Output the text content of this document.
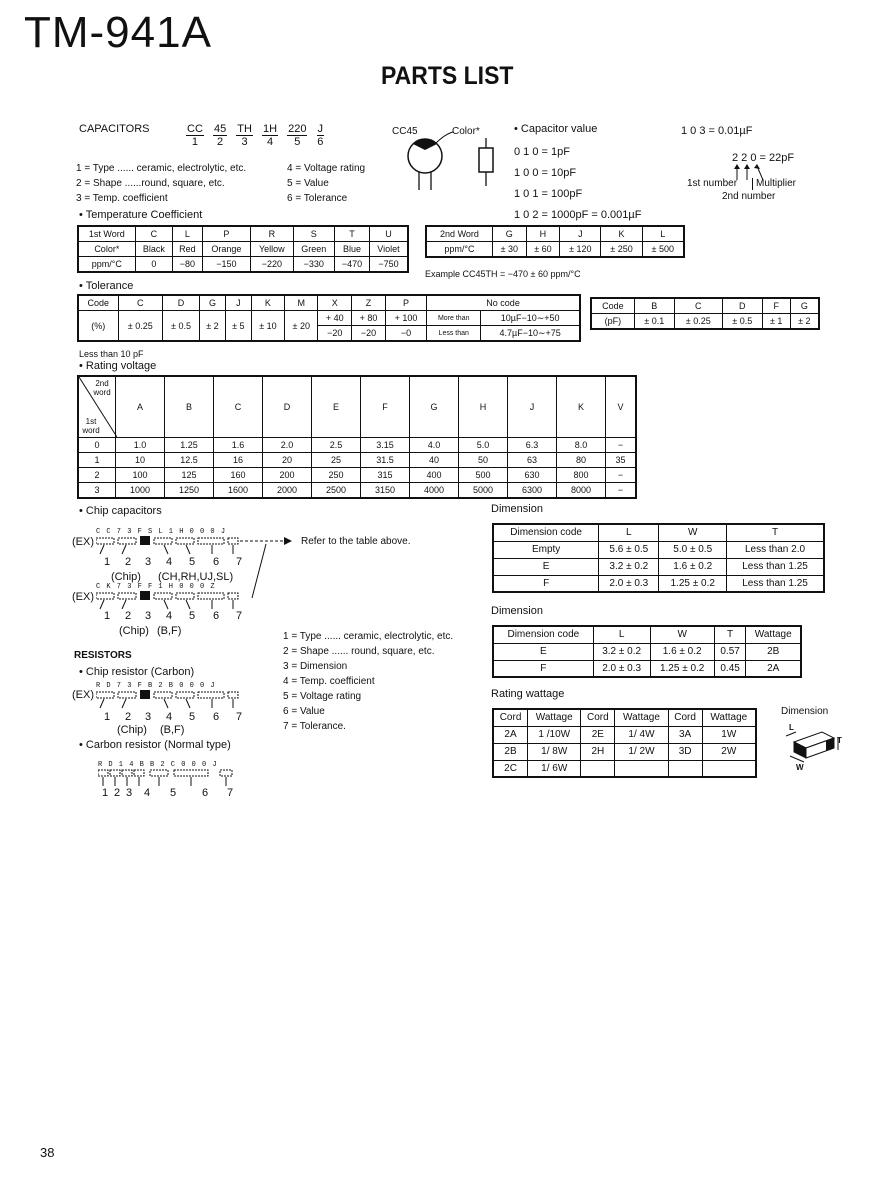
TM-941A
PARTS LIST
CAPACITORS	$\frac{CC}{1} \frac{45}{2} \frac{TH}{3} \frac{1H}{4} \frac{220}{5} \frac{J}{6}$	CC45	Color*	• Capacitor value
0 1 0 = 1pF
1 0 0 = 10pF
1 0 1 = 100pF
1 0 2 = 1000pF = 0.001µF
1 0 3 = 0.01µF
2 2 0 = 22pF
1st number Multiplier
2nd number
1 = Type ...... ceramic, electrolytic, etc.
2 = Shape ......round, square, etc.
3 = Temp. coefficient
4 = Voltage rating
5 = Value
6 = Tolerance
• Temperature Coefficient
1st Word	C	L	P	R	S	T	U
Color*	Black	Red	Orange	Yellow	Green	Blue	Violet
ppm/°C	0	−80	−150	−220	−330	−470	−750
2nd Word	G	H	J	K	L
ppm/°C	± 30	± 60	± 120	± 250	± 500
Example CC45TH = −470 ± 60 ppm/°C
• Tolerance
Code	C	D	G	J	K	M	X	Z	P	No code	
(%)	± 0.25	± 0.5	± 2	± 5	± 10	± 20	+ 40	+ 80	+ 100	More than	10µF−10∼+50
							−20	−20	−0	Less than	4.7µF−10∼+75
Code	B	C	D	F	G
(pF)	± 0.1	± 0.25	± 0.5	± 1	± 2
Less than 10 pF
• Rating voltage
2nd word
1st word	A	B	C	D	E	F	G	H	J	K	V
0	1.0	1.25	1.6	2.0	2.5	3.15	4.0	5.0	6.3	8.0	−
1	10	12.5	16	20	25	31.5	40	50	63	80	35
2	100	125	160	200	250	315	400	500	630	800	−
3	1000	1250	1600	2000	2500	3150	4000	5000	6300	8000	−
• Chip capacitors
(EX)
C C 7 3 F S L 1 H 0 0 0 J
Refer to the table above.
1 2 3 4 5 6 7
(Chip) (CH,RH,UJ,SL)
(EX)
C K 7 3 F F 1 H 0 0 0 Z
1 2 3 4 5 6 7
(Chip) (B,F)	1 = Type ...... ceramic, electrolytic, etc.
2 = Shape ...... round, square, etc.
3 = Dimension
4 = Temp. coefficient
5 = Voltage rating
6 = Value
7 = Tolerance.
RESISTORS
• Chip resistor (Carbon)
(EX)
R D 7 3 F B 2 B 0 0 0 J
1 2 3 4 5 6 7
(Chip) (B,F)
• Carbon resistor (Normal type)
R D 1 4 B B 2 C 0 0 0 J
1 2 3 4 5 6 7
Dimension
Dimension code	L	W	T
Empty	5.6 ± 0.5	5.0 ± 0.5	Less than 2.0
E	3.2 ± 0.2	1.6 ± 0.2	Less than 1.25
F	2.0 ± 0.3	1.25 ± 0.2	Less than 1.25
Dimension
Dimension code	L	W	T	Wattage
E	3.2 ± 0.2	1.6 ± 0.2	0.57	2B
F	2.0 ± 0.3	1.25 ± 0.2	0.45	2A
Rating wattage
Cord	Wattage	Cord	Wattage	Cord	Wattage
2A	1 /10W	2E	1/ 4W	3A	1W
2B	1/ 8W	2H	1/ 2W	3D	2W
2C	1/ 6W				
Dimension
L
T
W
38
